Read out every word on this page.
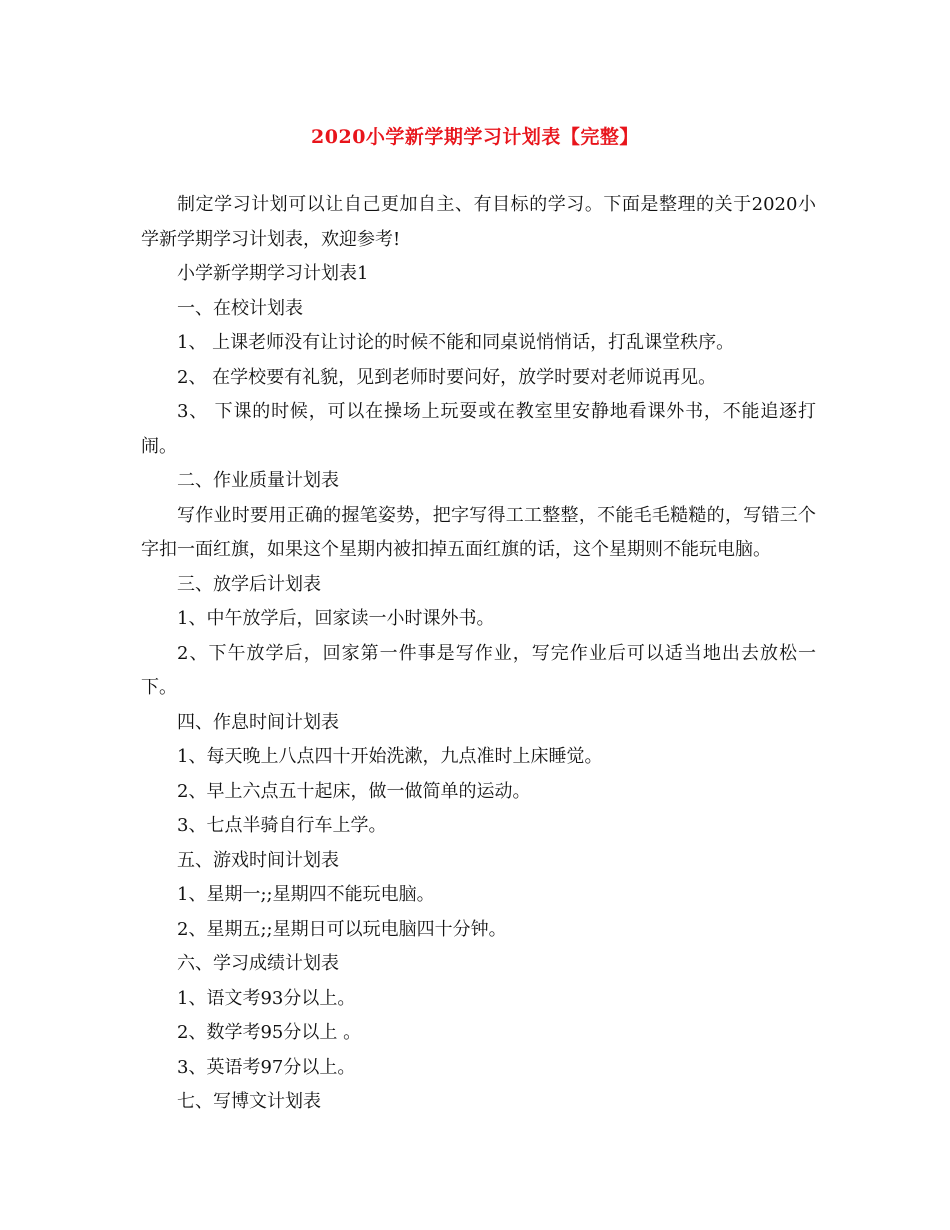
2020小学新学期学习计划表【完整】

制定学习计划可以让自己更加自主、有目标的学习。下面是整理的关于2020小学新学期学习计划表，欢迎参考!

小学新学期学习计划表1

一、在校计划表

1、 上课老师没有让讨论的时候不能和同桌说悄悄话，打乱课堂秩序。

2、 在学校要有礼貌，见到老师时要问好，放学时要对老师说再见。

3、 下课的时候，可以在操场上玩耍或在教室里安静地看课外书，不能追逐打闹。

二、作业质量计划表

写作业时要用正确的握笔姿势，把字写得工工整整，不能毛毛糙糙的，写错三个字扣一面红旗，如果这个星期内被扣掉五面红旗的话，这个星期则不能玩电脑。

三、放学后计划表

1、中午放学后，回家读一小时课外书。

2、下午放学后，回家第一件事是写作业，写完作业后可以适当地出去放松一下。

四、作息时间计划表

1、每天晚上八点四十开始洗漱，九点准时上床睡觉。

2、早上六点五十起床，做一做简单的运动。

3、七点半骑自行车上学。

五、游戏时间计划表

1、星期一;;星期四不能玩电脑。

2、星期五;;星期日可以玩电脑四十分钟。

六、学习成绩计划表

1、语文考93分以上。

2、数学考95分以上 。

3、英语考97分以上。

七、写博文计划表
